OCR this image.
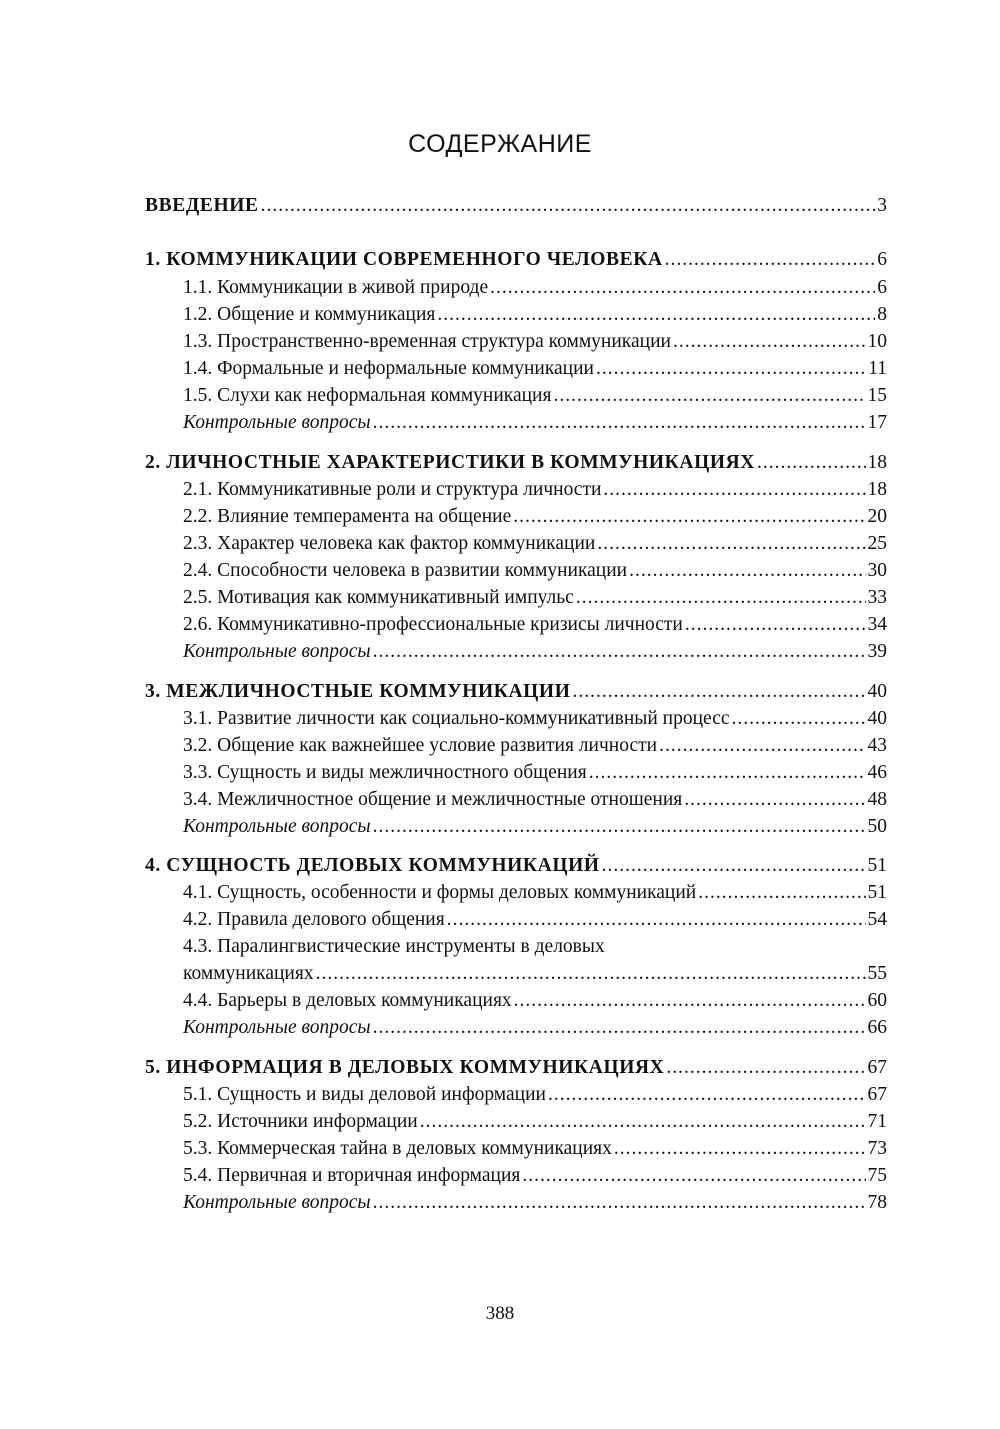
СОДЕРЖАНИЕ
ВВЕДЕНИЕ .....	3
1. КОММУНИКАЦИИ СОВРЕМЕННОГО ЧЕЛОВЕКА .....	6
1.1. Коммуникации в живой природе .....	6
1.2. Общение и коммуникация .....	8
1.3. Пространственно-временная структура коммуникации .....	10
1.4. Формальные и неформальные коммуникации .....	11
1.5. Слухи как неформальная коммуникация .....	15
Контрольные вопросы .....	17
2. ЛИЧНОСТНЫЕ ХАРАКТЕРИСТИКИ В КОММУНИКАЦИЯХ .....	18
2.1. Коммуникативные роли и структура личности .....	18
2.2. Влияние темперамента на общение .....	20
2.3. Характер человека как фактор коммуникации .....	25
2.4. Способности человека в развитии коммуникации .....	30
2.5. Мотивация как коммуникативный импульс .....	33
2.6. Коммуникативно-профессиональные кризисы личности .....	34
Контрольные вопросы .....	39
3. МЕЖЛИЧНОСТНЫЕ КОММУНИКАЦИИ .....	40
3.1. Развитие личности как социально-коммуникативный процесс .....	40
3.2. Общение как важнейшее условие развития личности .....	43
3.3. Сущность и виды межличностного общения .....	46
3.4. Межличностное общение и межличностные отношения .....	48
Контрольные вопросы .....	50
4. СУЩНОСТЬ ДЕЛОВЫХ КОММУНИКАЦИЙ .....	51
4.1. Сущность, особенности и формы деловых коммуникаций .....	51
4.2. Правила делового общения .....	54
4.3. Паралингвистические инструменты в деловых
коммуникациях .....	55
4.4. Барьеры в деловых коммуникациях .....	60
Контрольные вопросы .....	66
5. ИНФОРМАЦИЯ В ДЕЛОВЫХ КОММУНИКАЦИЯХ .....	67
5.1. Сущность и виды деловой информации .....	67
5.2. Источники информации .....	71
5.3. Коммерческая тайна в деловых коммуникациях .....	73
5.4. Первичная и вторичная информация .....	75
Контрольные вопросы .....	78
388
